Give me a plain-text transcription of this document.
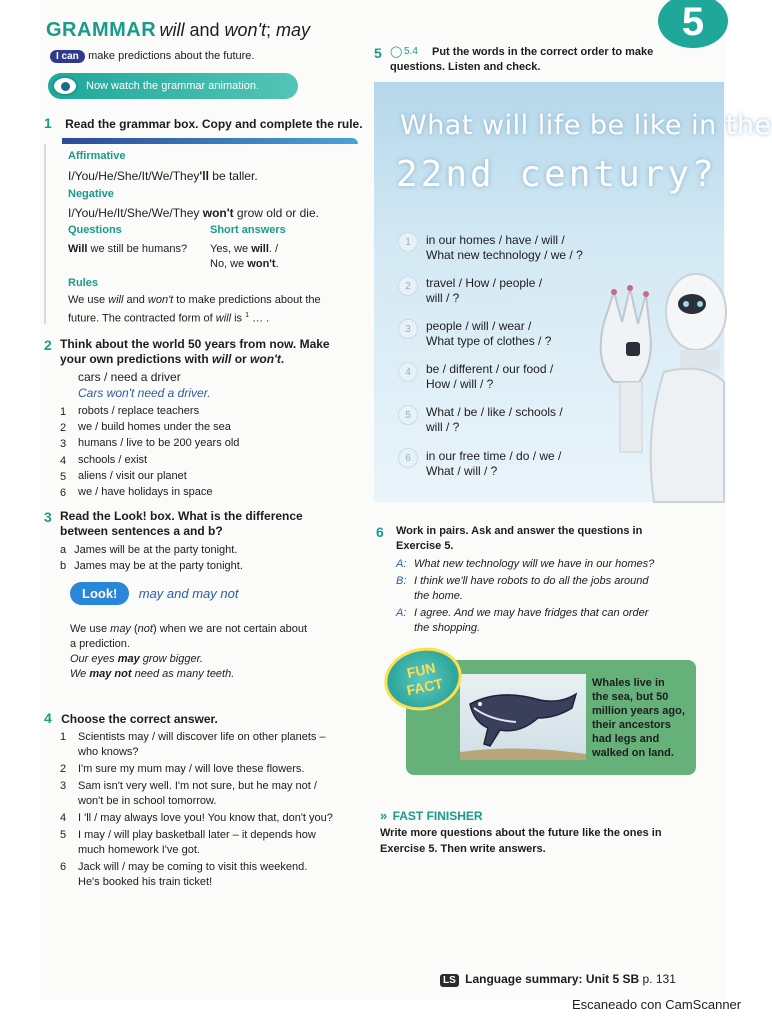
GRAMMAR will and won't; may
I can make predictions about the future.
Now watch the grammar animation.
5
1 Read the grammar box. Copy and complete the rule.
Affirmative

I/You/He/She/It/We/They'll be taller.

Negative

I/You/He/It/She/We/They won't grow old or die.

Questions	Short answers

Will we still be humans? Yes, we will. /

No, we won't.

Rules

We use will and won't to make predictions about the

future. The contracted form of will is $^1$ … .

2 Think about the world 50 years from now. Make

your own predictions with will or won't.

cars / need a driver

Cars won't need a driver.

1 robots / replace teachers
2 we / build homes under the sea
3 humans / live to be 200 years old
4 schools / exist
5 aliens / visit our planet
6 we / have holidays in space
3 Read the Look! box. What is the difference

between sentences a and b?

a James will be at the party tonight.
b James may be at the party tonight.
Look! may and may not

We use may (not) when we are not certain about

a prediction.

Our eyes may grow bigger.

We may not need as many teeth.

4 Choose the correct answer.
1 Scientists may / will discover life on other planets –
who knows?
2 I'm sure my mum may / will love these flowers.
3 Sam isn't very well. I'm not sure, but he may not /
won't be in school tomorrow.
4 I 'll / may always love you! You know that, don't you?
5 I may / will play basketball later – it depends how
much homework I've got.
6 Jack will / may be coming to visit this weekend.
He's booked his train ticket!
5 ◯ 5.4 Put the words in the correct order to make

questions. Listen and check.

What will life be like in the
22nd century?
1	in our homes / have / will /
What new technology / we / ?
2	travel / How / people /
will / ?
3	people / will / wear /
What type of clothes / ?
4	be / different / our food /
How / will / ?
5	What / be / like / schools /
will / ?
6	in our free time / do / we /
What / will / ?
6 Work in pairs. Ask and answer the questions in

Exercise 5.

A: What new technology will we have in our homes?
B: I think we'll have robots to do all the jobs around
the home.
A: I agree. And we may have fridges that can order
the shopping.
Whales live in
the sea, but 50
million years ago,
their ancestors
had legs and
walked on land.
FUN
FACT
» FAST FINISHER

Write more questions about the future like the ones in

Exercise 5. Then write answers.

LS Language summary: Unit 5 SB p. 131
Escaneado con CamScanner
